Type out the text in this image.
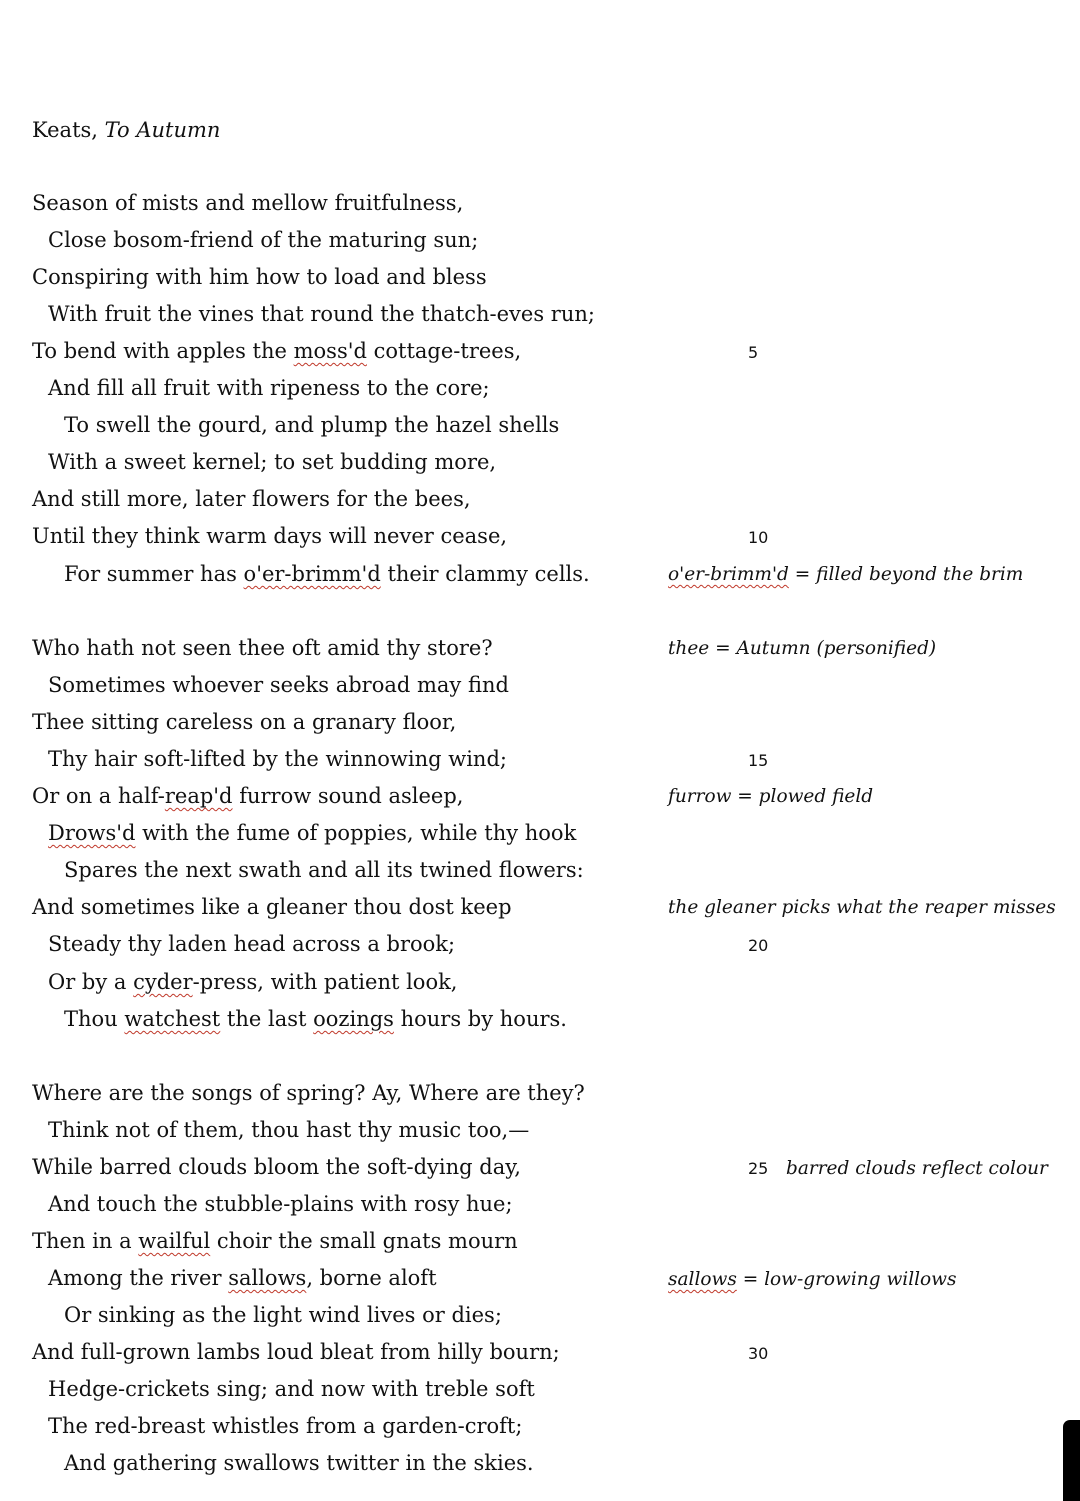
Keats, To Autumn
Season of mists and mellow fruitfulness,
Close bosom-friend of the maturing sun;
Conspiring with him how to load and bless
With fruit the vines that round the thatch-eves run;
To bend with apples the moss'd cottage-trees,
And fill all fruit with ripeness to the core;
To swell the gourd, and plump the hazel shells
With a sweet kernel; to set budding more,
And still more, later flowers for the bees,
Until they think warm days will never cease,
For summer has o'er-brimm'd their clammy cells.
Who hath not seen thee oft amid thy store?
Sometimes whoever seeks abroad may find
Thee sitting careless on a granary floor,
Thy hair soft-lifted by the winnowing wind;
Or on a half-reap'd furrow sound asleep,
Drows'd with the fume of poppies, while thy hook
Spares the next swath and all its twined flowers:
And sometimes like a gleaner thou dost keep
Steady thy laden head across a brook;
Or by a cyder-press, with patient look,
Thou watchest the last oozings hours by hours.
Where are the songs of spring? Ay, Where are they?
Think not of them, thou hast thy music too,—
While barred clouds bloom the soft-dying day,
And touch the stubble-plains with rosy hue;
Then in a wailful choir the small gnats mourn
Among the river sallows, borne aloft
Or sinking as the light wind lives or dies;
And full-grown lambs loud bleat from hilly bourn;
Hedge-crickets sing; and now with treble soft
The red-breast whistles from a garden-croft;
And gathering swallows twitter in the skies.
5
10
15
20
25
30
o'er-brimm'd = filled beyond the brim
thee = Autumn (personified)
furrow = plowed field
the gleaner picks what the reaper misses
barred clouds reflect colour
sallows = low-growing willows
